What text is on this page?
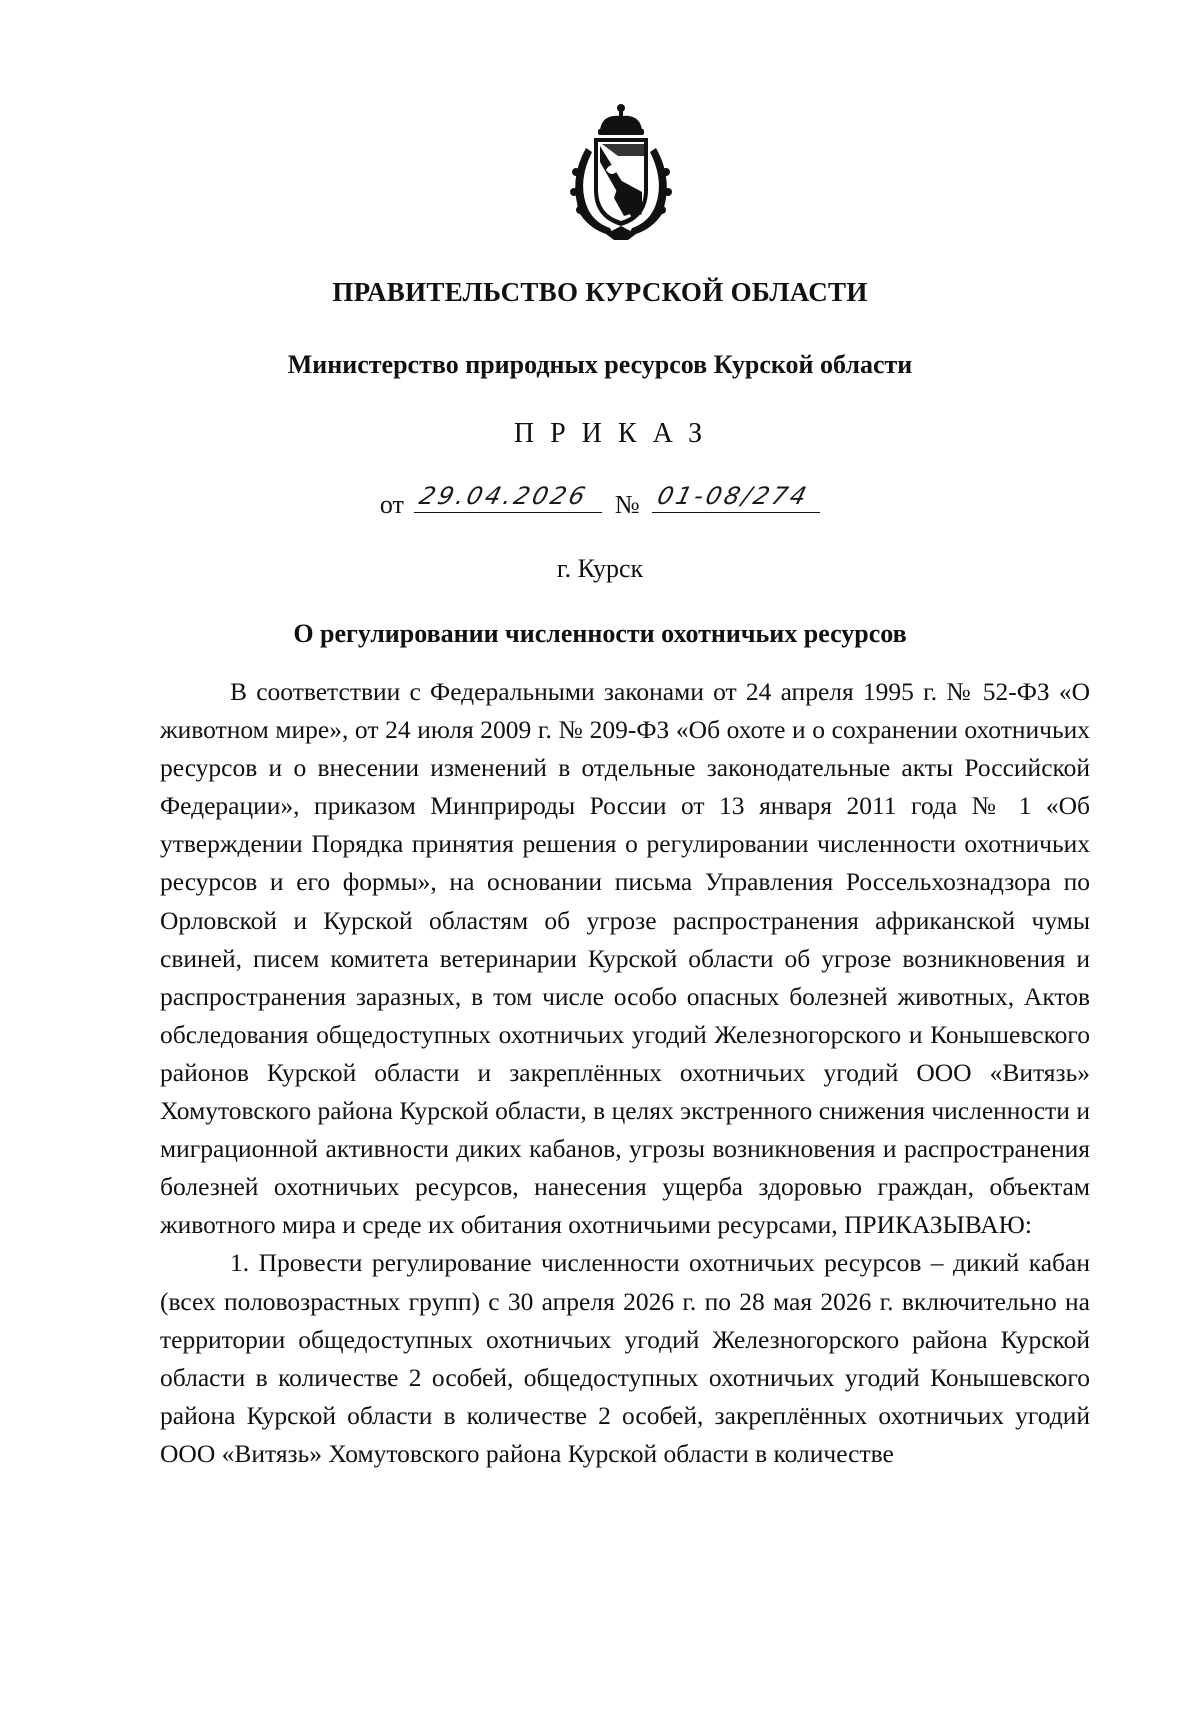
ПРАВИТЕЛЬСТВО КУРСКОЙ ОБЛАСТИ
Министерство природных ресурсов Курской области
ПРИКАЗ
от 29.04.2026 № 01-08/274
г. Курск
О регулировании численности охотничьих ресурсов

В соответствии с Федеральными законами от 24 апреля 1995 г. № 52-ФЗ «О животном мире», от 24 июля 2009 г. № 209-ФЗ «Об охоте и о сохранении охотничьих ресурсов и о внесении изменений в отдельные законодательные акты Российской Федерации», приказом Минприроды России от 13 января 2011 года № 1 «Об утверждении Порядка принятия решения о регулировании численности охотничьих ресурсов и его формы», на основании письма Управления Россельхознадзора по Орловской и Курской областям об угрозе распространения африканской чумы свиней, писем комитета ветеринарии Курской области об угрозе возникновения и распространения заразных, в том числе особо опасных болезней животных, Актов обследования общедоступных охотничьих угодий Железногорского и Конышевского районов Курской области и закреплённых охотничьих угодий ООО «Витязь» Хомутовского района Курской области, в целях экстренного снижения численности и миграционной активности диких кабанов, угрозы возникновения и распространения болезней охотничьих ресурсов, нанесения ущерба здоровью граждан, объектам животного мира и среде их обитания охотничьими ресурсами, ПРИКАЗЫВАЮ:

1. Провести регулирование численности охотничьих ресурсов – дикий кабан (всех половозрастных групп) с 30 апреля 2026 г. по 28 мая 2026 г. включительно на территории общедоступных охотничьих угодий Железногорского района Курской области в количестве 2 особей, общедоступных охотничьих угодий Конышевского района Курской области в количестве 2 особей, закреплённых охотничьих угодий ООО «Витязь» Хомутовского района Курской области в количестве
